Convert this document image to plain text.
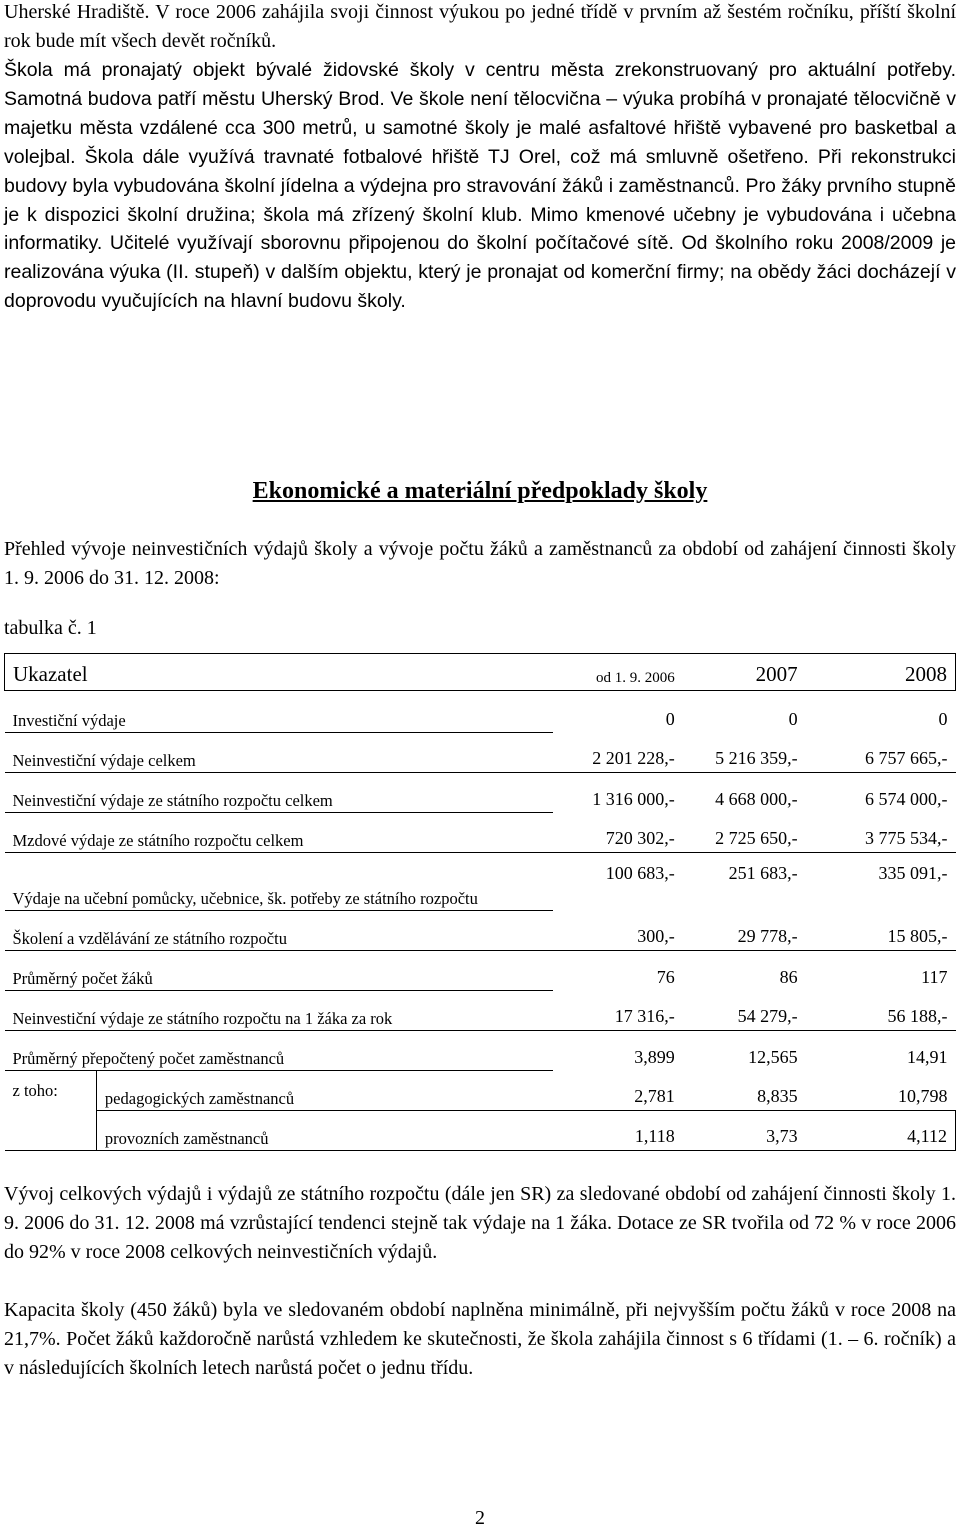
Uherské Hradiště. V roce 2006 zahájila svoji činnost výukou po jedné třídě v prvním až šestém ročníku, příští školní rok bude mít všech devět ročníků.

Škola má pronajatý objekt bývalé židovské školy v centru města zrekonstruovaný pro aktuální potřeby. Samotná budova patří městu Uherský Brod. Ve škole není tělocvična – výuka probíhá v pronajaté tělocvičně v majetku města vzdálené cca 300 metrů, u samotné školy je malé asfaltové hřiště vybavené pro basketbal a volejbal. Škola dále využívá travnaté fotbalové hřiště TJ Orel, což má smluvně ošetřeno. Při rekonstrukci budovy byla vybudována školní jídelna a výdejna pro stravování žáků i zaměstnanců. Pro žáky prvního stupně je k dispozici školní družina; škola má zřízený školní klub. Mimo kmenové učebny je vybudována i učebna informatiky. Učitelé využívají sborovnu připojenou do školní počítačové sítě. Od školního roku 2008/2009 je realizována výuka (II. stupeň) v dalším objektu, který je pronajat od komerční firmy; na obědy žáci docházejí v doprovodu vyučujících na hlavní budovu školy.

Ekonomické a materiální předpoklady školy

Přehled vývoje neinvestičních výdajů školy a vývoje počtu žáků a zaměstnanců za období od zahájení činnosti školy 1. 9. 2006 do 31. 12. 2008:

tabulka č. 1

Ukazatel		od 1. 9. 2006	2007	2008
Investiční výdaje		0	0	0
Neinvestiční výdaje celkem		2 201 228,-	5 216 359,-	6 757 665,-
Neinvestiční výdaje ze státního rozpočtu celkem		1 316 000,-	4 668 000,-	6 574 000,-
Mzdové výdaje ze státního rozpočtu celkem		720 302,-	2 725 650,-	3 775 534,-
Výdaje na učební pomůcky, učebnice, šk. potřeby ze státního rozpočtu		100 683,-	251 683,-	335 091,-
Školení a vzdělávání ze státního rozpočtu		300,-	29 778,-	15 805,-
Průměrný počet žáků		76	86	117
Neinvestiční výdaje ze státního rozpočtu na 1 žáka za rok		17 316,-	54 279,-	56 188,-
Průměrný přepočtený počet zaměstnanců		3,899	12,565	14,91
z toho:	pedagogických zaměstnanců	2,781	8,835	10,798
	provozních zaměstnanců	1,118	3,73	4,112

Vývoj celkových výdajů i výdajů ze státního rozpočtu (dále jen SR) za sledované období od zahájení činnosti školy 1. 9. 2006 do 31. 12. 2008 má vzrůstající tendenci stejně tak výdaje na 1 žáka. Dotace ze SR tvořila od 72 % v roce 2006 do 92% v roce 2008 celkových neinvestičních výdajů.

Kapacita školy (450 žáků) byla ve sledovaném období naplněna minimálně, při nejvyšším počtu žáků v roce 2008 na 21,7%. Počet žáků každoročně narůstá vzhledem ke skutečnosti, že škola zahájila činnost s 6 třídami (1. – 6. ročník) a v následujících školních letech narůstá počet o jednu třídu.

2
